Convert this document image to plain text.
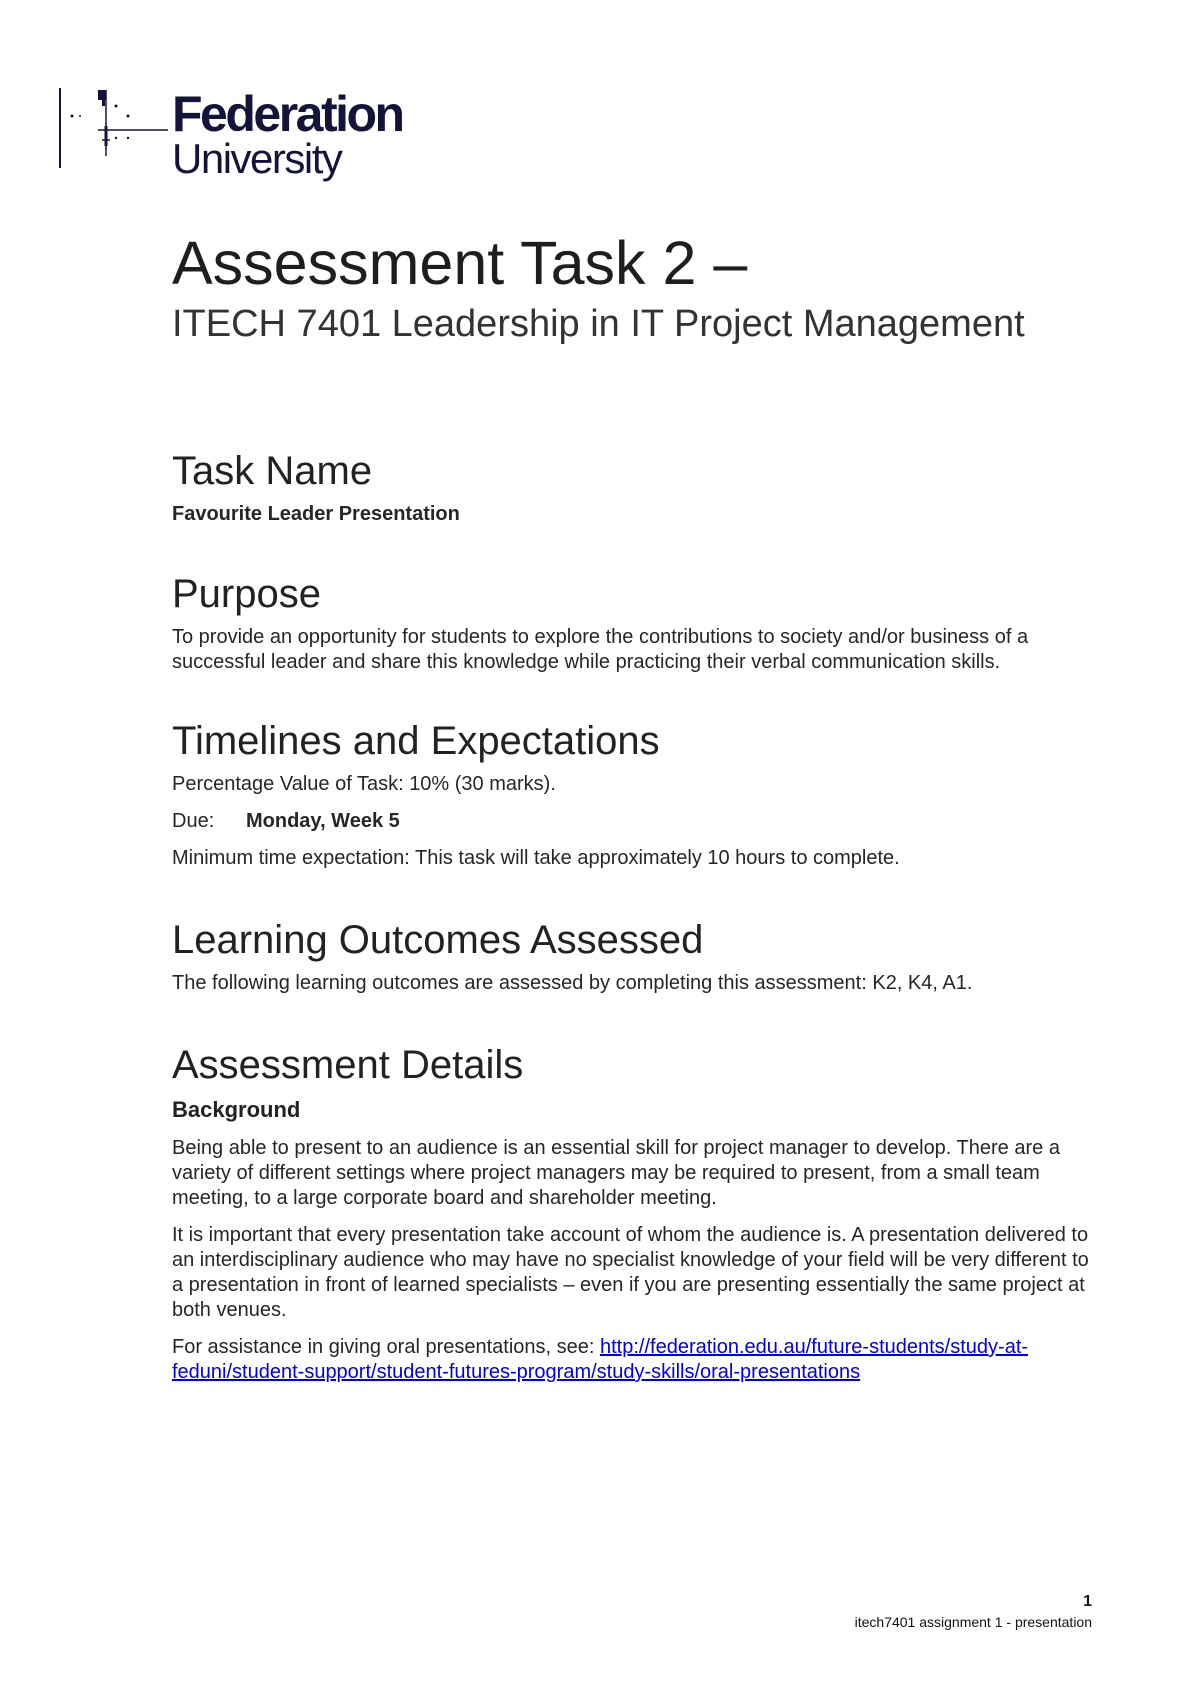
Federation
University
Assessment Task 2 –
ITECH 7401 Leadership in IT Project Management
Task Name

Favourite Leader Presentation

Purpose

To provide an opportunity for students to explore the contributions to society and/or business of a successful leader and share this knowledge while practicing their verbal communication skills.

Timelines and Expectations

Percentage Value of Task: 10% (30 marks).

Due: Monday, Week 5

Minimum time expectation: This task will take approximately 10 hours to complete.

Learning Outcomes Assessed

The following learning outcomes are assessed by completing this assessment: K2, K4, A1.

Assessment Details
Background

Being able to present to an audience is an essential skill for project manager to develop. There are a variety of different settings where project managers may be required to present, from a small team meeting, to a large corporate board and shareholder meeting.

It is important that every presentation take account of whom the audience is. A presentation delivered to an interdisciplinary audience who may have no specialist knowledge of your field will be very different to a presentation in front of learned specialists – even if you are presenting essentially the same project at both venues.

For assistance in giving oral presentations, see: http://federation.edu.au/future-students/study-at-feduni/student-support/student-futures-program/study-skills/oral-presentations

1
itech7401 assignment 1 - presentation
